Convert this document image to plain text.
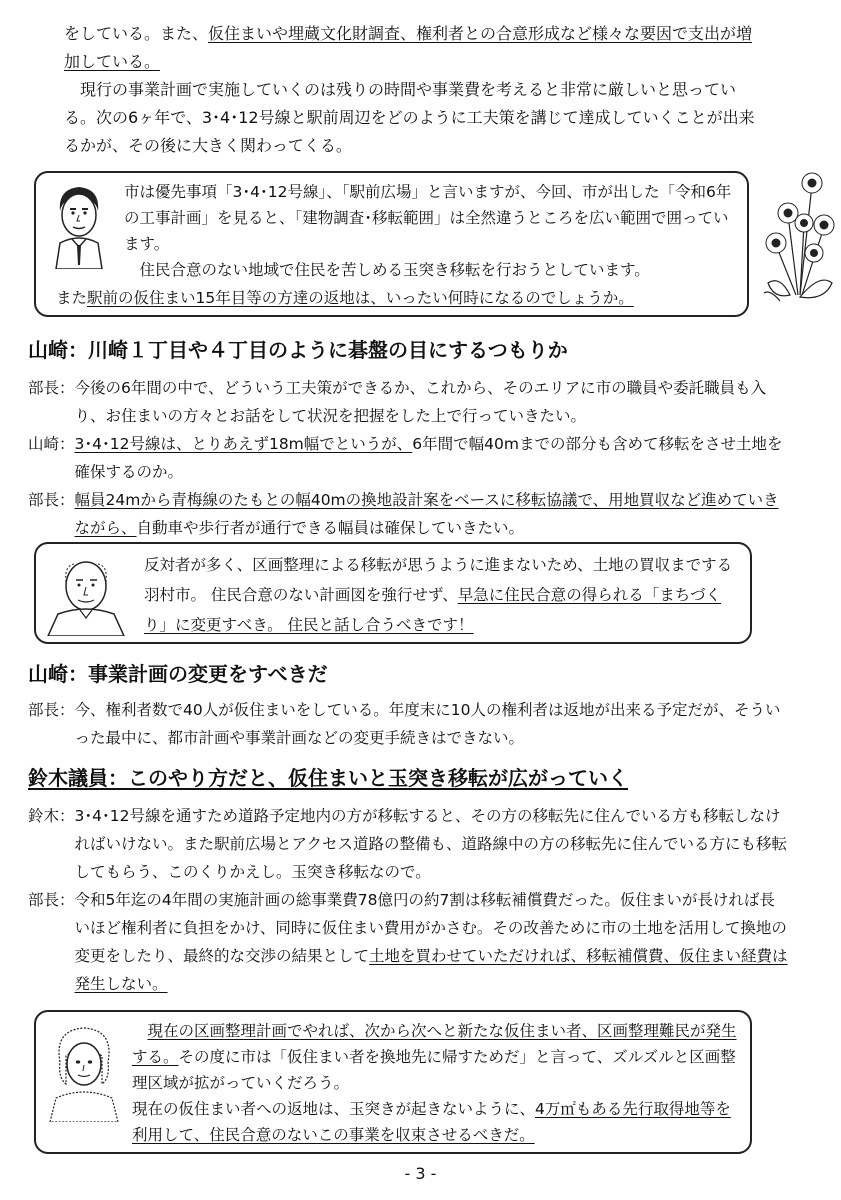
をしている。また、仮住まいや埋蔵文化財調査、権利者との合意形成など様々な要因で支出が増加している。
現行の事業計画で実施していくのは残りの時間や事業費を考えると非常に厳しいと思っている。次の6ヶ年で、3･4･12号線と駅前周辺をどのように工夫策を講じて達成していくことが出来るかが、その後に大きく関わってくる。

市は優先事項「3･4･12号線」、「駅前広場」と言いますが、今回、市が出した「令和6年の工事計画」を見ると、「建物調査･移転範囲」は全然違うところを広い範囲で囲っています。

住民合意のない地域で住民を苦しめる玉突き移転を行おうとしています。

また駅前の仮住まい15年目等の方達の返地は、いったい何時になるのでしょうか。
山崎：川崎１丁目や４丁目のように碁盤の目にするつもりか
部長： 今後の6年間の中で、どういう工夫策ができるか、これから、そのエリアに市の職員や委託職員も入り、お住まいの方々とお話をして状況を把握をした上で行っていきたい。
山崎： 3･4･12号線は、とりあえず18m幅でというが、6年間で幅40mまでの部分も含めて移転をさせ土地を確保するのか。
部長： 幅員24mから青梅線のたもとの幅40mの換地設計案をベースに移転協議で、用地買収など進めていきながら、自動車や歩行者が通行できる幅員は確保していきたい。
反対者が多く、区画整理による移転が思うように進まないため、土地の買収までする羽村市。 住民合意のない計画図を強行せず、早急に住民合意の得られる「まちづくり」に変更すべき。 住民と話し合うべきです！
山崎：事業計画の変更をすべきだ
部長： 今、権利者数で40人が仮住まいをしている。年度末に10人の権利者は返地が出来る予定だが、そういった最中に、都市計画や事業計画などの変更手続きはできない。
鈴木議員：このやり方だと、仮住まいと玉突き移転が広がっていく
鈴木： 3･4･12号線を通すため道路予定地内の方が移転すると、その方の移転先に住んでいる方も移転しなければいけない。また駅前広場とアクセス道路の整備も、道路線中の方の移転先に住んでいる方にも移転してもらう、このくりかえし。玉突き移転なので。
部長： 令和5年迄の4年間の実施計画の総事業費78億円の約7割は移転補償費だった。仮住まいが長ければ長いほど権利者に負担をかけ、同時に仮住まい費用がかさむ。その改善ために市の土地を活用して換地の変更をしたり、最終的な交渉の結果として土地を買わせていただければ、移転補償費、仮住まい経費は発生しない。

現在の区画整理計画でやれば、次から次へと新たな仮住まい者、区画整理難民が発生する。その度に市は「仮住まい者を換地先に帰すためだ」と言って、ズルズルと区画整理区域が拡がっていくだろう。

現在の仮住まい者への返地は、玉突きが起きないように、4万㎡もある先行取得地等を利用して、住民合意のないこの事業を収束させるべきだ。

- 3 -
